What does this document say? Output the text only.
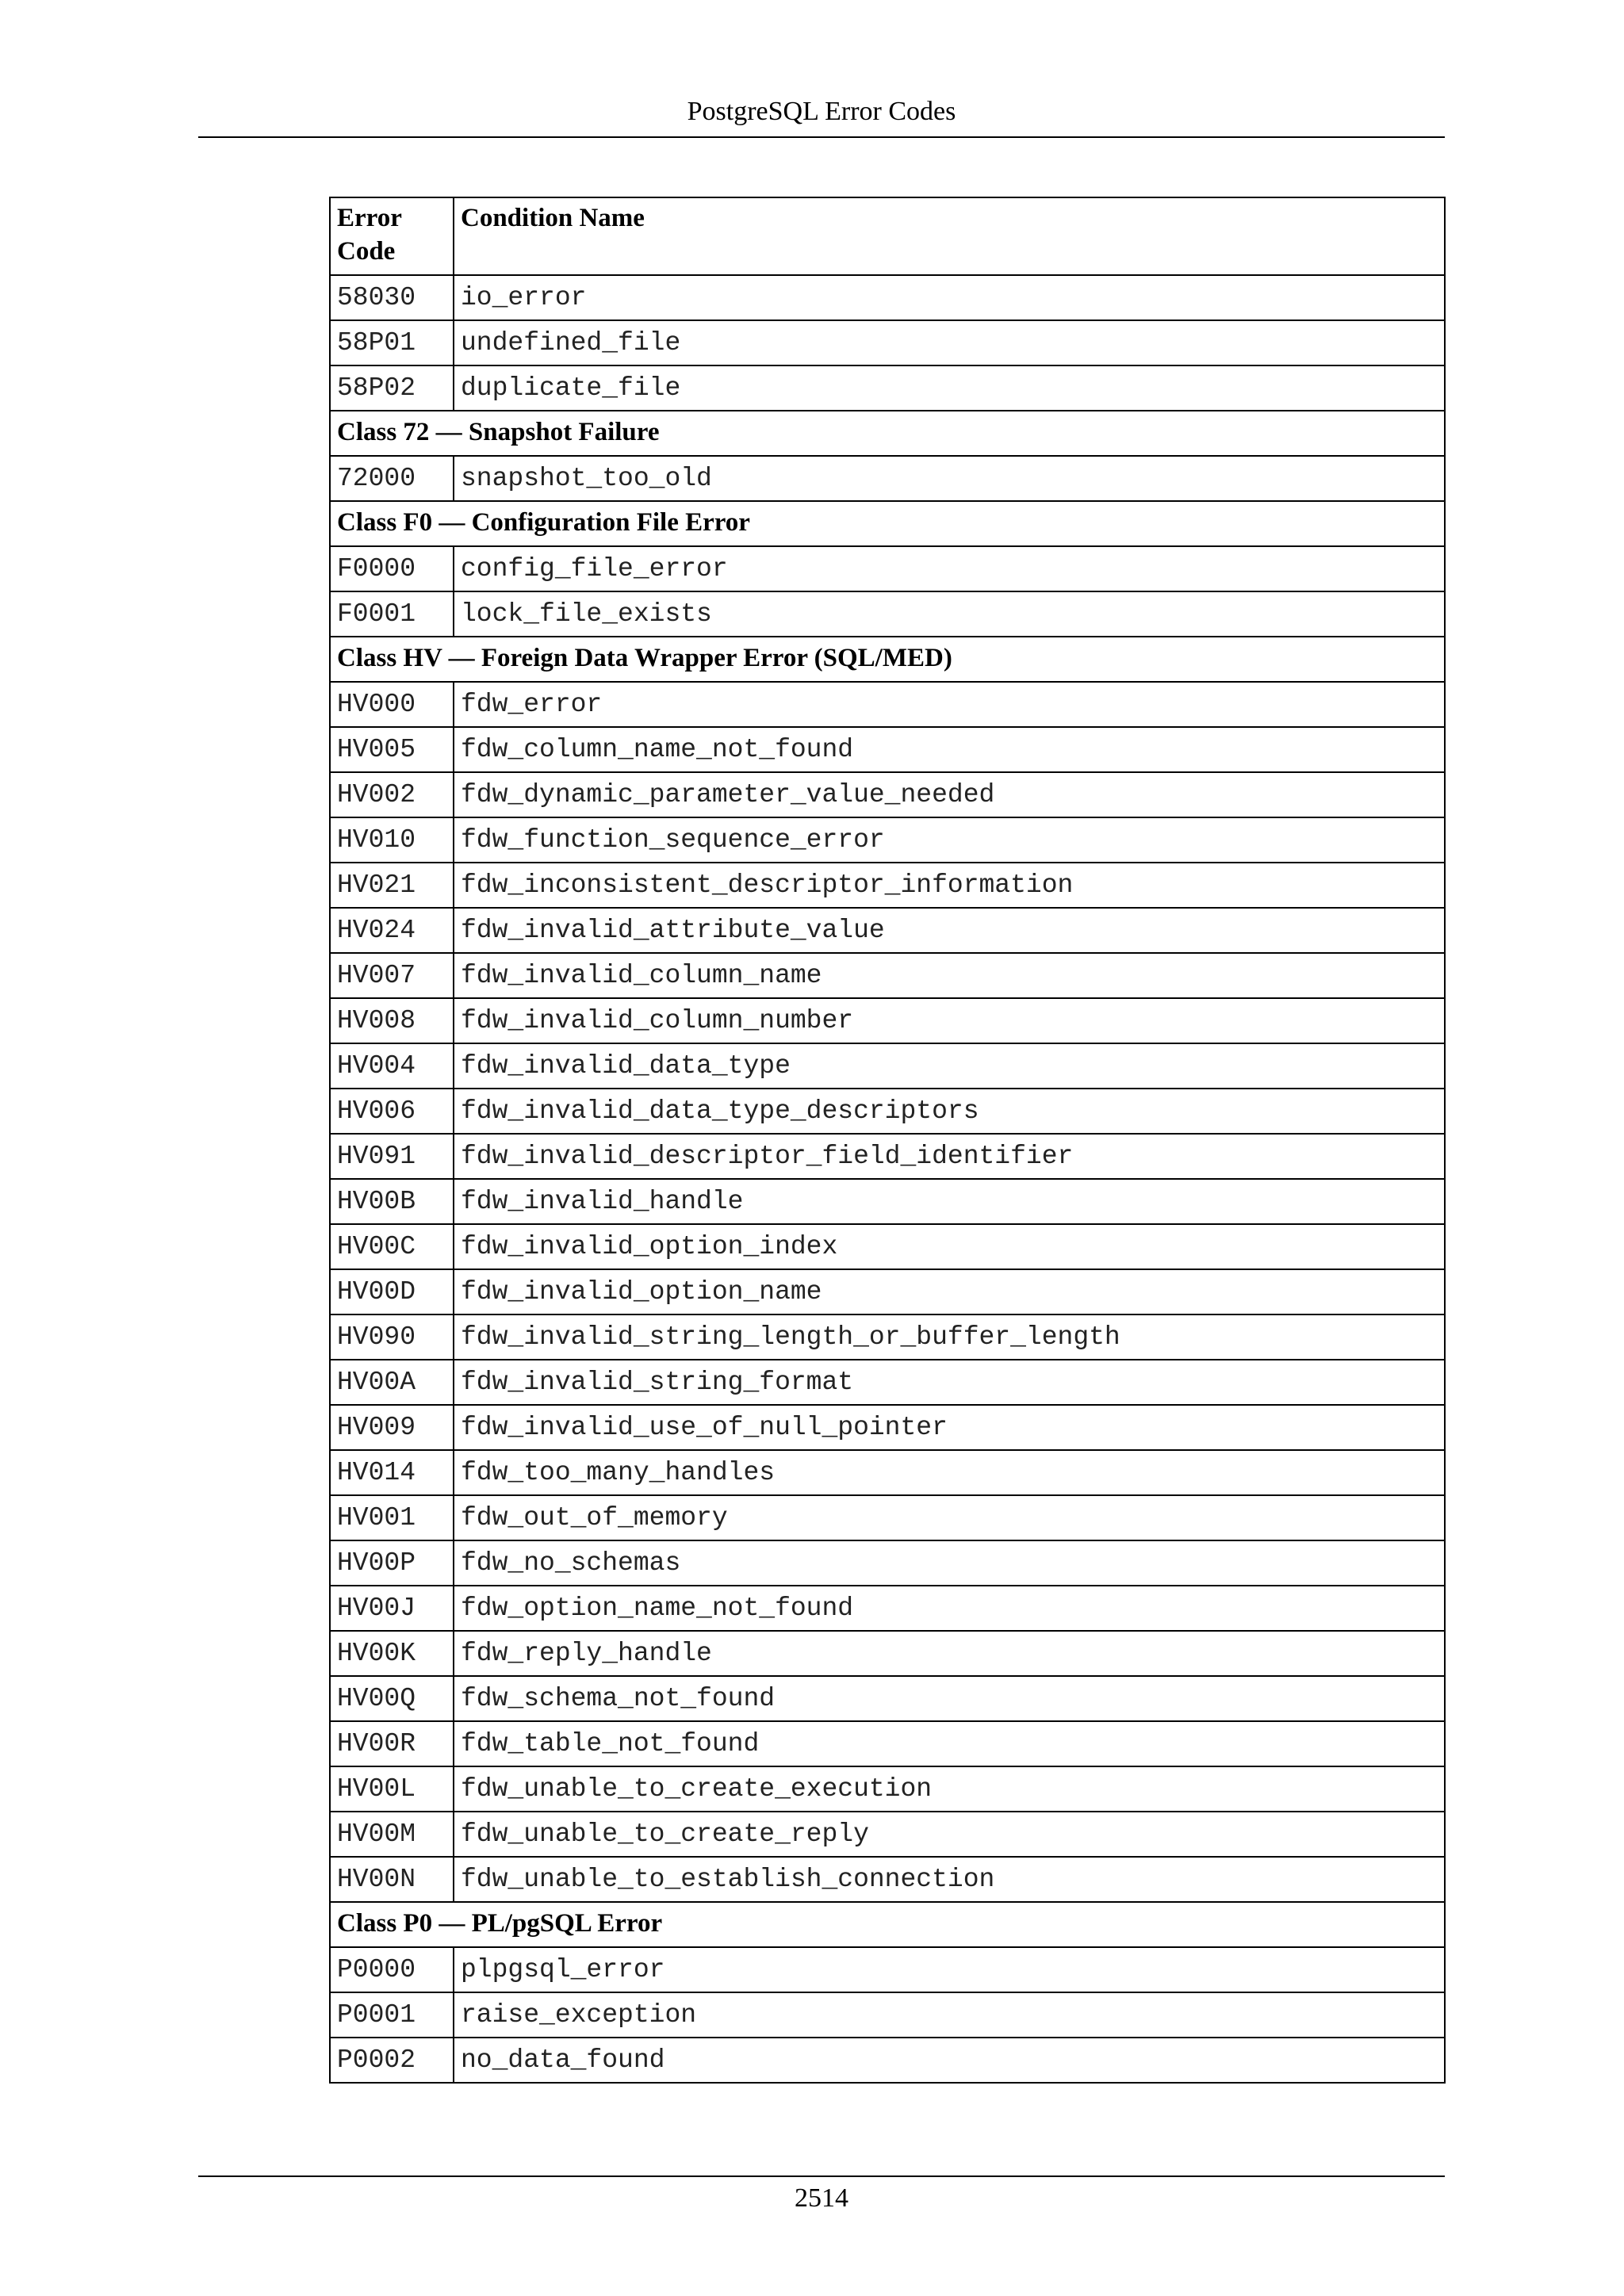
PostgreSQL Error Codes
Error Code	Condition Name
58030	io_error
58P01	undefined_file
58P02	duplicate_file
Class 72 — Snapshot Failure	
72000	snapshot_too_old
Class F0 — Configuration File Error	
F0000	config_file_error
F0001	lock_file_exists
Class HV — Foreign Data Wrapper Error (SQL/MED)	
HV000	fdw_error
HV005	fdw_column_name_not_found
HV002	fdw_dynamic_parameter_value_needed
HV010	fdw_function_sequence_error
HV021	fdw_inconsistent_descriptor_information
HV024	fdw_invalid_attribute_value
HV007	fdw_invalid_column_name
HV008	fdw_invalid_column_number
HV004	fdw_invalid_data_type
HV006	fdw_invalid_data_type_descriptors
HV091	fdw_invalid_descriptor_field_identifier
HV00B	fdw_invalid_handle
HV00C	fdw_invalid_option_index
HV00D	fdw_invalid_option_name
HV090	fdw_invalid_string_length_or_buffer_length
HV00A	fdw_invalid_string_format
HV009	fdw_invalid_use_of_null_pointer
HV014	fdw_too_many_handles
HV001	fdw_out_of_memory
HV00P	fdw_no_schemas
HV00J	fdw_option_name_not_found
HV00K	fdw_reply_handle
HV00Q	fdw_schema_not_found
HV00R	fdw_table_not_found
HV00L	fdw_unable_to_create_execution
HV00M	fdw_unable_to_create_reply
HV00N	fdw_unable_to_establish_connection
Class P0 — PL/pgSQL Error	
P0000	plpgsql_error
P0001	raise_exception
P0002	no_data_found
2514
